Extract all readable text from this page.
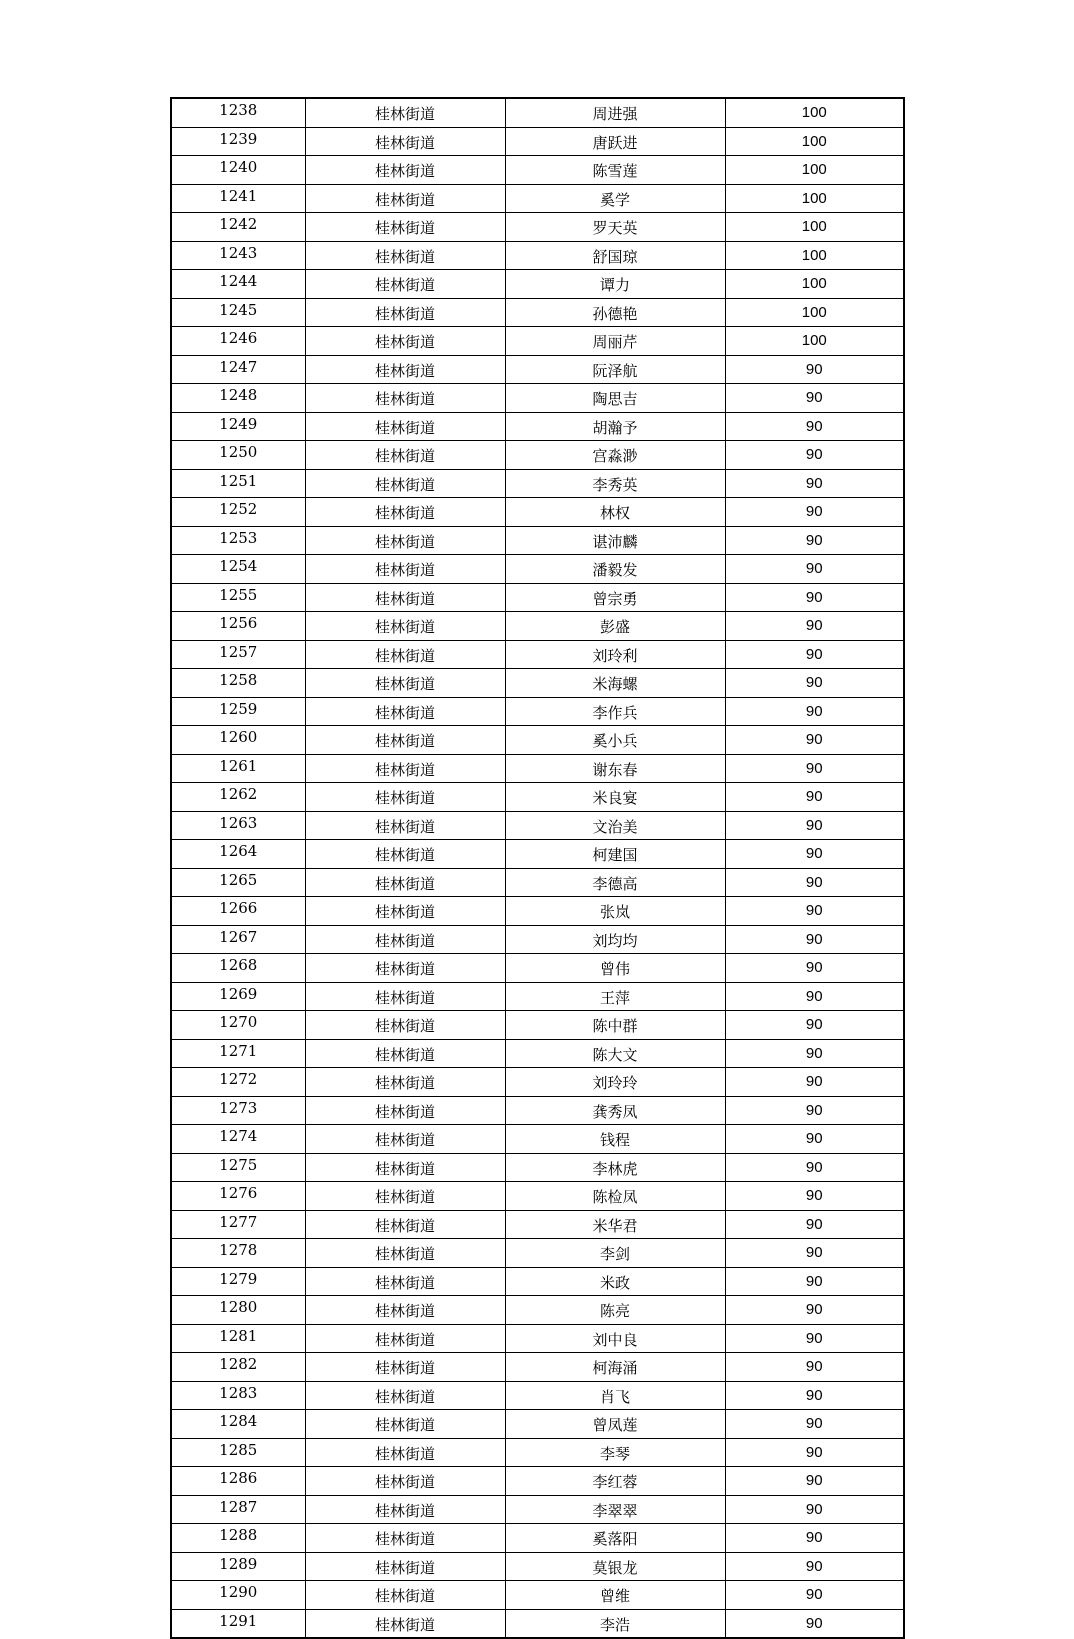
1238	桂林街道	周进强	100
1239	桂林街道	唐跃进	100
1240	桂林街道	陈雪莲	100
1241	桂林街道	奚学	100
1242	桂林街道	罗天英	100
1243	桂林街道	舒国琼	100
1244	桂林街道	谭力	100
1245	桂林街道	孙德艳	100
1246	桂林街道	周丽芹	100
1247	桂林街道	阮泽航	90
1248	桂林街道	陶思吉	90
1249	桂林街道	胡瀚予	90
1250	桂林街道	宫淼渺	90
1251	桂林街道	李秀英	90
1252	桂林街道	林权	90
1253	桂林街道	谌沛麟	90
1254	桂林街道	潘毅发	90
1255	桂林街道	曾宗勇	90
1256	桂林街道	彭盛	90
1257	桂林街道	刘玲利	90
1258	桂林街道	米海螺	90
1259	桂林街道	李作兵	90
1260	桂林街道	奚小兵	90
1261	桂林街道	谢东春	90
1262	桂林街道	米良宴	90
1263	桂林街道	文治美	90
1264	桂林街道	柯建国	90
1265	桂林街道	李德高	90
1266	桂林街道	张岚	90
1267	桂林街道	刘均均	90
1268	桂林街道	曾伟	90
1269	桂林街道	王萍	90
1270	桂林街道	陈中群	90
1271	桂林街道	陈大文	90
1272	桂林街道	刘玲玲	90
1273	桂林街道	龚秀凤	90
1274	桂林街道	钱程	90
1275	桂林街道	李林虎	90
1276	桂林街道	陈检凤	90
1277	桂林街道	米华君	90
1278	桂林街道	李剑	90
1279	桂林街道	米政	90
1280	桂林街道	陈亮	90
1281	桂林街道	刘中良	90
1282	桂林街道	柯海涌	90
1283	桂林街道	肖飞	90
1284	桂林街道	曾凤莲	90
1285	桂林街道	李琴	90
1286	桂林街道	李红蓉	90
1287	桂林街道	李翠翠	90
1288	桂林街道	奚落阳	90
1289	桂林街道	莫银龙	90
1290	桂林街道	曾维	90
1291	桂林街道	李浩	90
